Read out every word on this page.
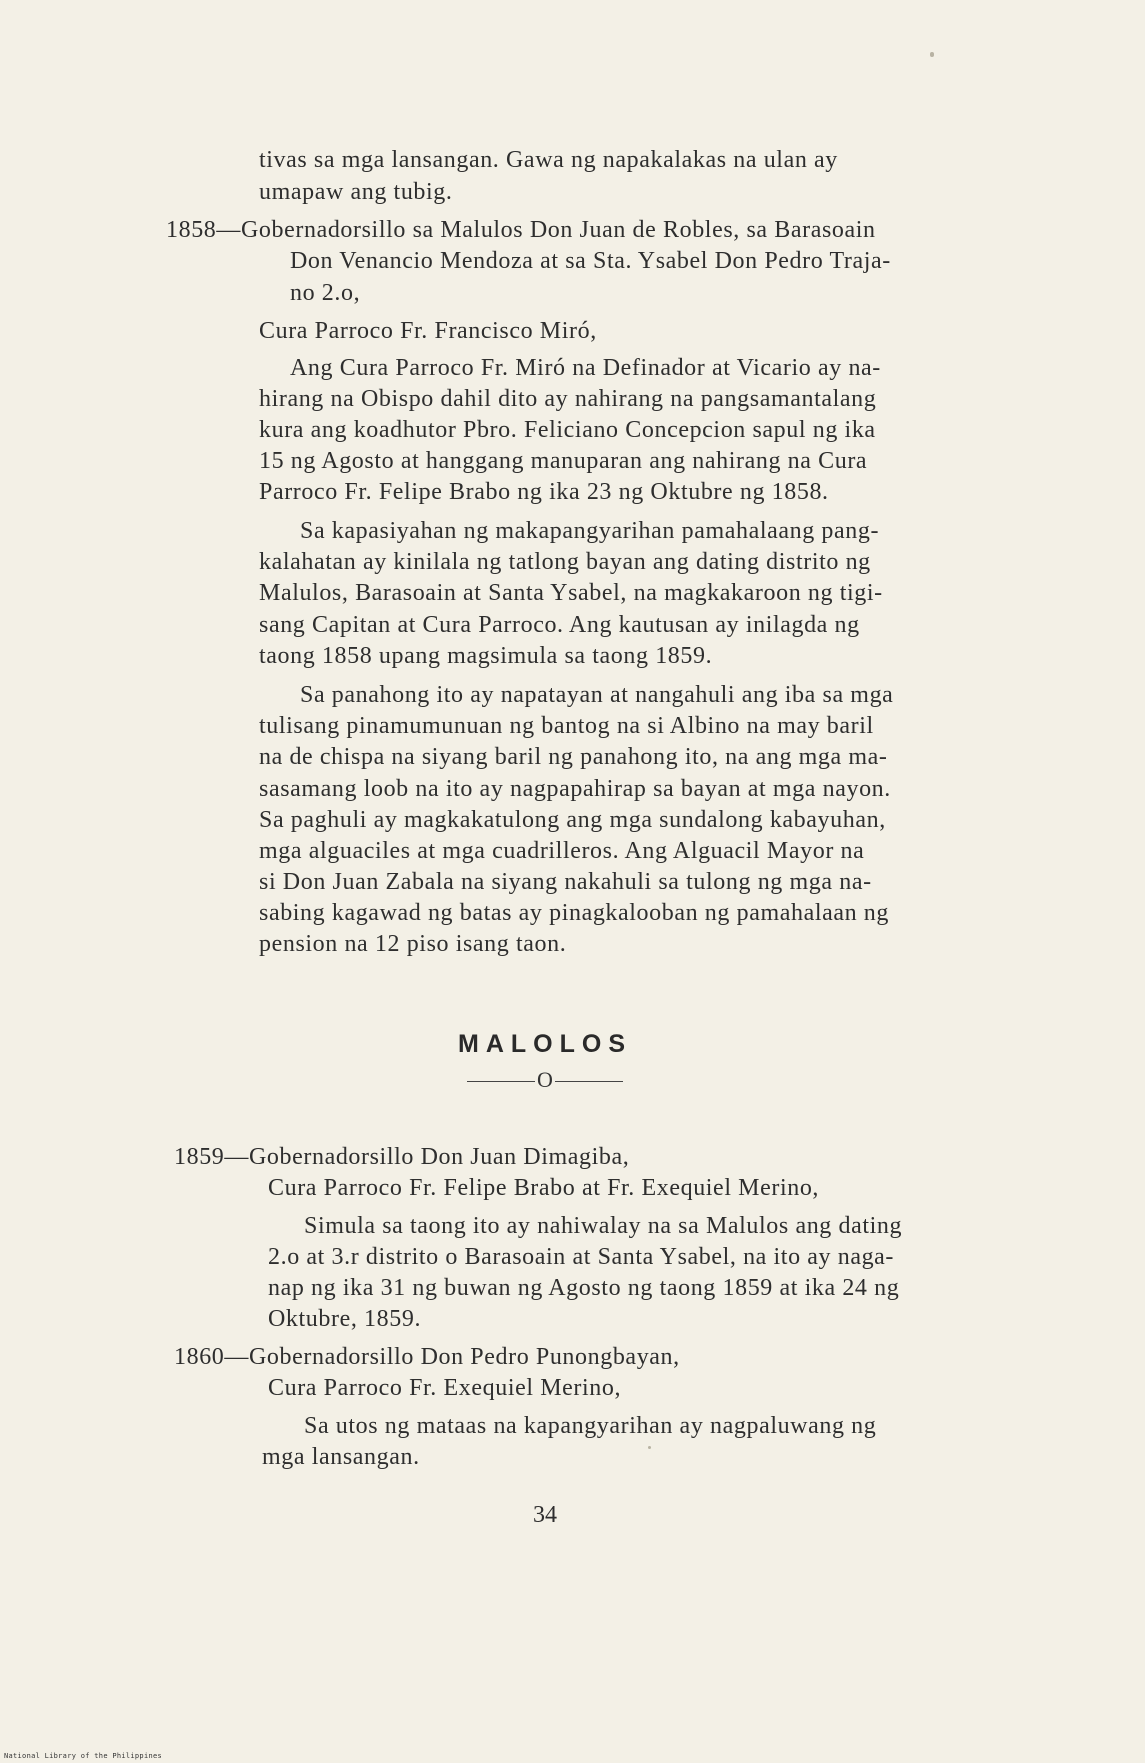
tivas sa mga lansangan. Gawa ng napakalakas na ulan ay
umapaw ang tubig.
1858—Gobernadorsillo sa Malulos Don Juan de Robles, sa Barasoain
Don Venancio Mendoza at sa Sta. Ysabel Don Pedro Traja-
no 2.o,
Cura Parroco Fr. Francisco Miró,
Ang Cura Parroco Fr. Miró na Definador at Vicario ay na-
hirang na Obispo dahil dito ay nahirang na pangsamantalang
kura ang koadhutor Pbro. Feliciano Concepcion sapul ng ika
15 ng Agosto at hanggang manuparan ang nahirang na Cura
Parroco Fr. Felipe Brabo ng ika 23 ng Oktubre ng 1858.
Sa kapasiyahan ng makapangyarihan pamahalaang pang-
kalahatan ay kinilala ng tatlong bayan ang dating distrito ng
Malulos, Barasoain at Santa Ysabel, na magkakaroon ng tigi-
sang Capitan at Cura Parroco. Ang kautusan ay inilagda ng
taong 1858 upang magsimula sa taong 1859.
Sa panahong ito ay napatayan at nangahuli ang iba sa mga
tulisang pinamumunuan ng bantog na si Albino na may baril
na de chispa na siyang baril ng panahong ito, na ang mga ma-
sasamang loob na ito ay nagpapahirap sa bayan at mga nayon.
Sa paghuli ay magkakatulong ang mga sundalong kabayuhan,
mga alguaciles at mga cuadrilleros. Ang Alguacil Mayor na
si Don Juan Zabala na siyang nakahuli sa tulong ng mga na-
sabing kagawad ng batas ay pinagkalooban ng pamahalaan ng
pension na 12 piso isang taon.
MALOLOS
O
1859—Gobernadorsillo Don Juan Dimagiba,
Cura Parroco Fr. Felipe Brabo at Fr. Exequiel Merino,
Simula sa taong ito ay nahiwalay na sa Malulos ang dating
2.o at 3.r distrito o Barasoain at Santa Ysabel, na ito ay naga-
nap ng ika 31 ng buwan ng Agosto ng taong 1859 at ika 24 ng
Oktubre, 1859.
1860—Gobernadorsillo Don Pedro Punongbayan,
Cura Parroco Fr. Exequiel Merino,
Sa utos ng mataas na kapangyarihan ay nagpaluwang ng
mga lansangan.
34
National Library of the Philippines
